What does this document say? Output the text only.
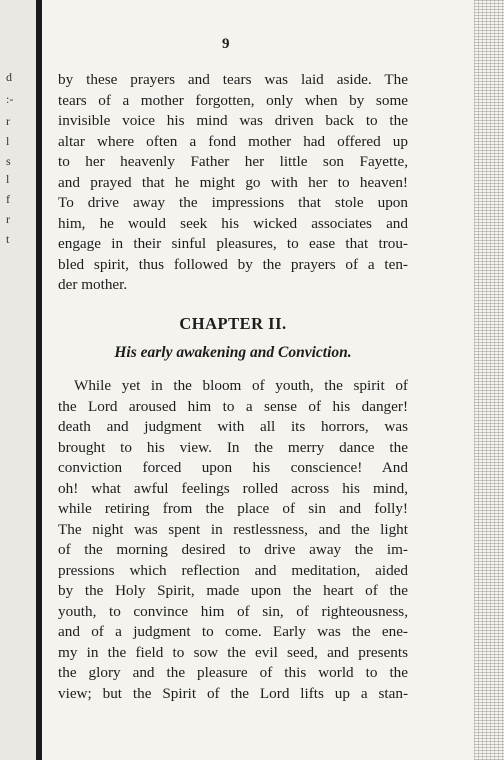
d
:-
r
l
s
l
f
r
t
9

by these prayers and tears was laid aside. The
tears of a mother forgotten, only when by some
invisible voice his mind was driven back to the
altar where often a fond mother had offered up
to her heavenly Father her little son Fayette,
and prayed that he might go with her to heaven!
To drive away the impressions that stole upon
him, he would seek his wicked associates and
engage in their sinful pleasures, to ease that trou-
bled spirit, thus followed by the prayers of a ten-
der mother.

CHAPTER II.
His early awakening and Conviction.

While yet in the bloom of youth, the spirit of
the Lord aroused him to a sense of his danger!
death and judgment with all its horrors, was
brought to his view. In the merry dance the
conviction forced upon his conscience! And
oh! what awful feelings rolled across his mind,
while retiring from the place of sin and folly!
The night was spent in restlessness, and the light
of the morning desired to drive away the im-
pressions which reflection and meditation, aided
by the Holy Spirit, made upon the heart of the
youth, to convince him of sin, of righteousness,
and of a judgment to come. Early was the ene-
my in the field to sow the evil seed, and presents
the glory and the pleasure of this world to the
view; but the Spirit of the Lord lifts up a stan-
